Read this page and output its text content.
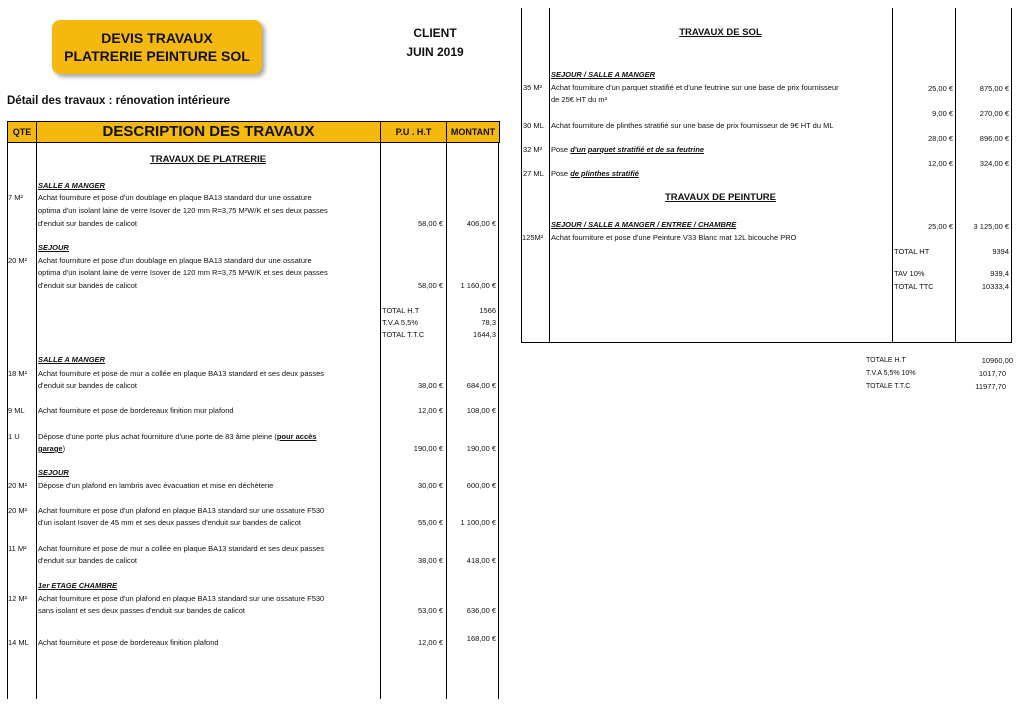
DEVIS TRAVAUX
PLATRERIE PEINTURE SOL
CLIENT
JUIN 2019
Détail des travaux : rénovation intérieure
QTE	DESCRIPTION DES TRAVAUX	P.U . H.T	MONTANT
TRAVAUX DE PLATRERIE
SALLE A MANGER
7 M² Achat fourniture et pose d'un doublage en plaque BA13 standard dur une ossature
optima d'un isolant laine de verre Isover de 120 mm R=3,75 M²W/K et ses deux passes
d'enduit sur bandes de calicot	58,00 €	406,00 €
SEJOUR
20 M² Achat fourniture et pose d'un doublage en plaque BA13 standard dur une ossature
optima d'un isolant laine de verre Isover de 120 mm R=3,75 M²W/K et ses deux passes
d'enduit sur bandes de calicot	58,00 €	1 160,00 €
TOTAL H.T	1566
T.V.A 5,5%	78,3
TOTAL T.T.C	1644,3
SALLE A MANGER
18 M² Achat fourniture et pose de mur a collée en plaque BA13 standard et ses deux passes
d'enduit sur bandes de calicot	38,00 €	684,00 €
9 ML Achat fourniture et pose de bordereaux finition mur plafond	12,00 €	108,00 €
1 U Dépose d'une porte plus achat fourniture d'une porte de 83 âme pleine (pour accès
garage)	190,00 €	190,00 €
SEJOUR
20 M² Dépose d'un plafond en lambris avec évacuation et mise en déchèterie	30,00 €	600,00 €
20 M² Achat fourniture et pose d'un plafond en plaque BA13 standard sur une ossature F530
d'un isolant Isover de 45 mm et ses deux passes d'enduit sur bandes de calicot	55,00 €	1 100,00 €
11 M² Achat fourniture et pose de mur a collée en plaque BA13 standard et ses deux passes
d'enduit sur bandes de calicot	38,00 €	418,00 €
1er ETAGE CHAMBRE
12 M² Achat fourniture et pose d'un plafond en plaque BA13 standard sur une ossature F530
sans isolant et ses deux passes d'enduit sur bandes de calicot	53,00 €	636,00 €
14 ML Achat fourniture et pose de bordereaux finition plafond	12,00 €	168,00 €
TRAVAUX DE SOL
SEJOUR / SALLE A MANGER
35 M² Achat fourniture d'un parquet stratifié et d'une feutrine sur une base de prix fournisseur
de 25€ HT du m²
25,00 €	875,00 €
30 ML Achat fourniture de plinthes stratifié sur une base de prix fournisseur de 9€ HT du ML
9,00 €	270,00 €
32 M² Pose d'un parquet stratifié et de sa feutrine
28,00 €	896,00 €
27 ML Pose de plinthes stratifié
12,00 €	324,00 €
TRAVAUX DE PEINTURE
SEJOUR / SALLE A MANGER / ENTREE / CHAMBRE
125M² Achat fourniture et pose d'une Peinture V33 Blanc mat 12L bicouche PRO
25,00 €	3 125,00 €
TOTAL HT	9394
TAV 10%	939,4
TOTAL TTC	10333,4
TOTALE H.T	10960,00
T.V.A 5,5% 10%	1017,70
TOTALE T.T.C	11977,70
